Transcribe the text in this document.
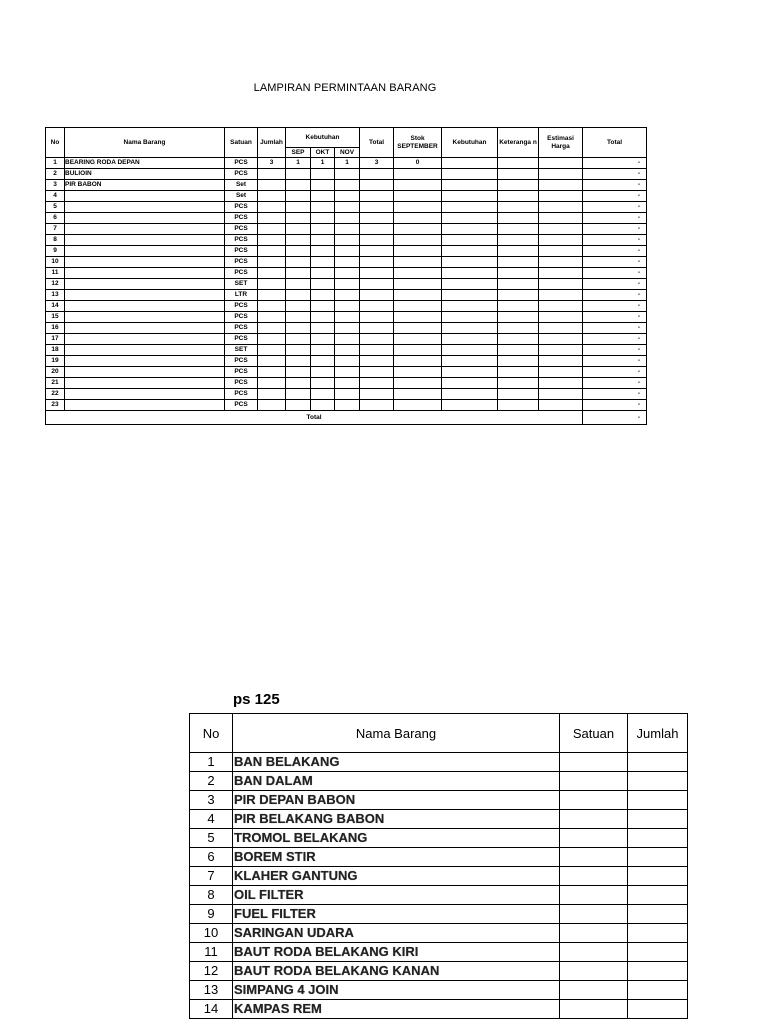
LAMPIRAN PERMINTAAN BARANG
No	Nama Barang	Satuan	Jumlah	Kebutuhan			Total	Stok SEPTEMBER	Kebutuhan	Keteranga n	Estimasi Harga	Total
				SEP	OKT	NOV						
1	BEARING RODA DEPAN	PCS	3	1	1	1	3	0				-
2	BULIOIN	PCS										-
3	PIR BABON	Set										-
4		Set										-
5		PCS										-
6		PCS										-
7		PCS										-
8		PCS										-
9		PCS										-
10		PCS										-
11		PCS										-
12		SET										-
13		LTR										-
14		PCS										-
15		PCS										-
16		PCS										-
17		PCS										-
18		SET										-
19		PCS										-
20		PCS										-
21		PCS										-
22		PCS										-
23		PCS										-
Total												-
ps 125
No	Nama Barang	Satuan	Jumlah
1	BAN BELAKANG		
2	BAN DALAM		
3	PIR DEPAN BABON		
4	PIR BELAKANG BABON		
5	TROMOL BELAKANG		
6	BOREM STIR		
7	KLAHER GANTUNG		
8	OIL FILTER		
9	FUEL FILTER		
10	SARINGAN UDARA		
11	BAUT RODA BELAKANG KIRI		
12	BAUT RODA BELAKANG KANAN		
13	SIMPANG 4 JOIN		
14	KAMPAS REM		
